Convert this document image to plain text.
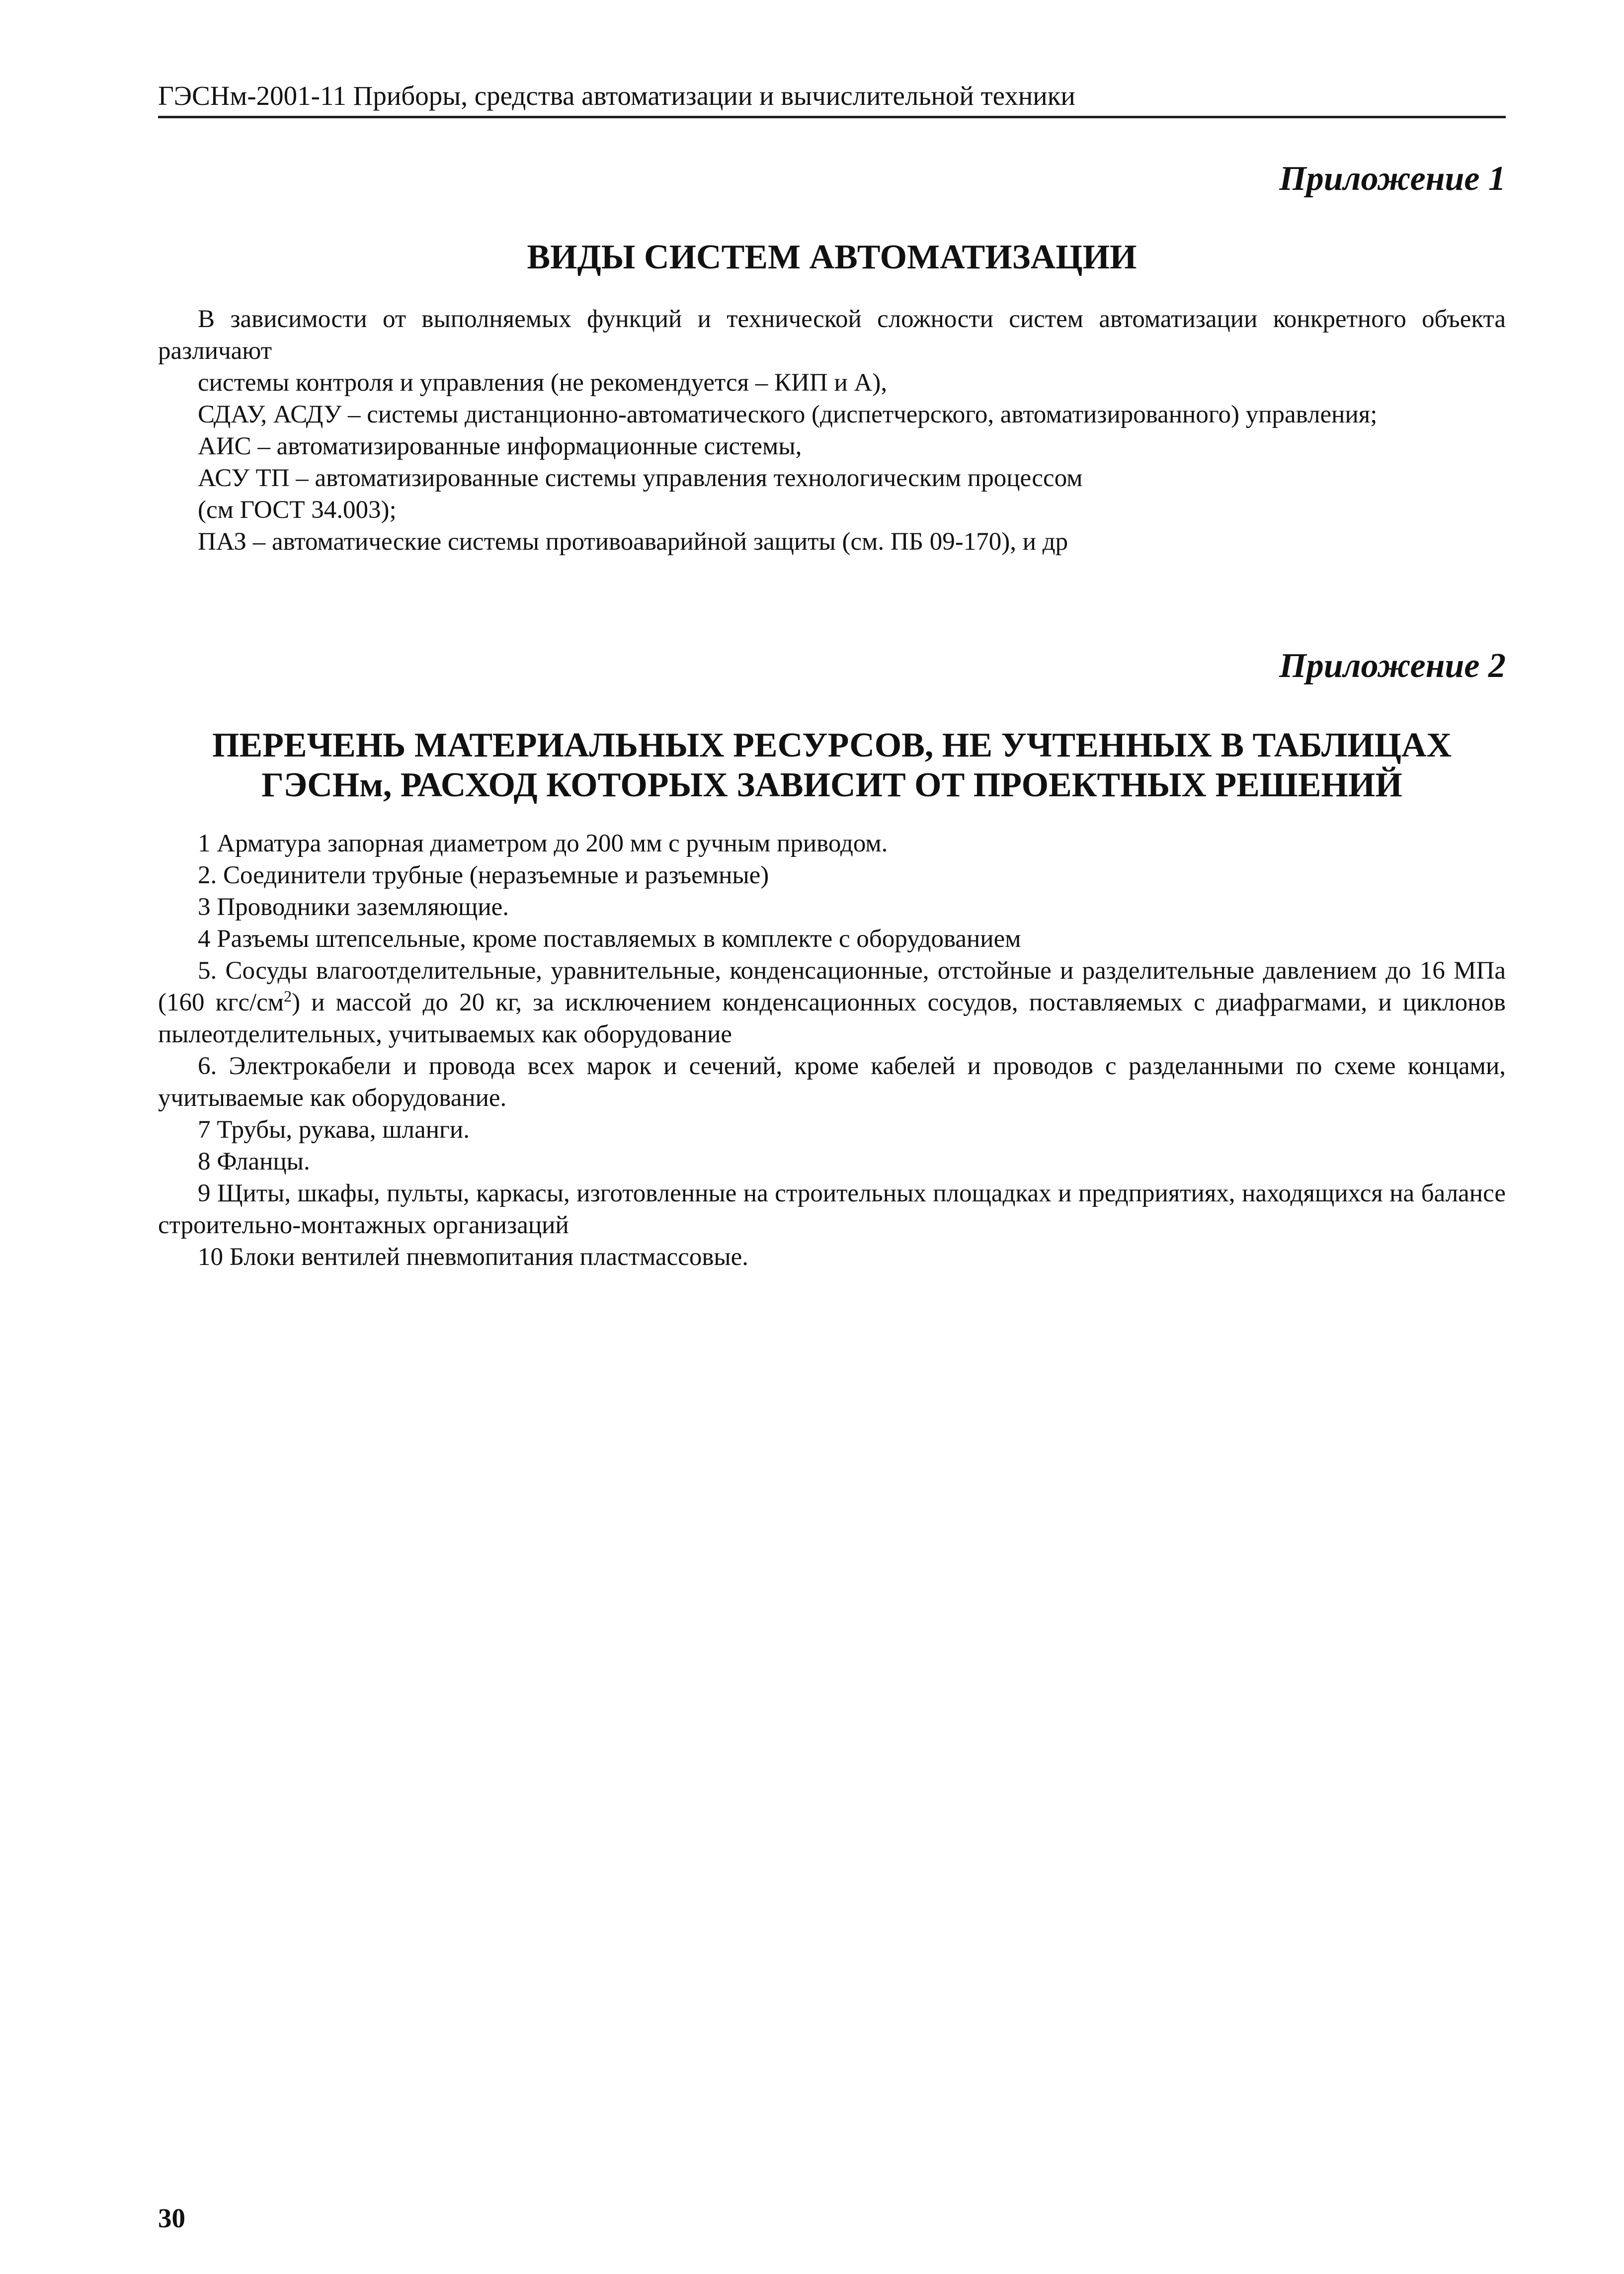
ГЭСНм-2001-11 Приборы, средства автоматизации и вычислительной техники
Приложение 1
ВИДЫ СИСТЕМ АВТОМАТИЗАЦИИ

В зависимости от выполняемых функций и технической сложности систем автоматизации конкретного объекта различают

системы контроля и управления (не рекомендуется – КИП и А),

СДАУ, АСДУ – системы дистанционно-автоматического (диспетчерского, автоматизированного) управления;

АИС – автоматизированные информационные системы,

АСУ ТП – автоматизированные системы управления технологическим процессом

(см ГОСТ 34.003);

ПАЗ – автоматические системы противоаварийной защиты (см. ПБ 09-170), и др

Приложение 2
ПЕРЕЧЕНЬ МАТЕРИАЛЬНЫХ РЕСУРСОВ, НЕ УЧТЕННЫХ В ТАБЛИЦАХ
ГЭСНм, РАСХОД КОТОРЫХ ЗАВИСИТ ОТ ПРОЕКТНЫХ РЕШЕНИЙ

1 Арматура запорная диаметром до 200 мм с ручным приводом.

2. Соединители трубные (неразъемные и разъемные)

3 Проводники заземляющие.

4 Разъемы штепсельные, кроме поставляемых в комплекте с оборудованием

5. Сосуды влагоотделительные, уравнительные, конденсационные, отстойные и разделительные давлением до 16 МПа (160 кгс/$см^2$) и массой до 20 кг, за исключением конденсационных сосудов, поставляемых с диафрагмами, и циклонов пылеотделительных, учитываемых как оборудование

6. Электрокабели и провода всех марок и сечений, кроме кабелей и проводов с разделанными по схеме концами, учитываемые как оборудование.

7 Трубы, рукава, шланги.

8 Фланцы.

9 Щиты, шкафы, пульты, каркасы, изготовленные на строительных площадках и предприятиях, находящихся на балансе строительно-монтажных организаций

10 Блоки вентилей пневмопитания пластмассовые.

30
